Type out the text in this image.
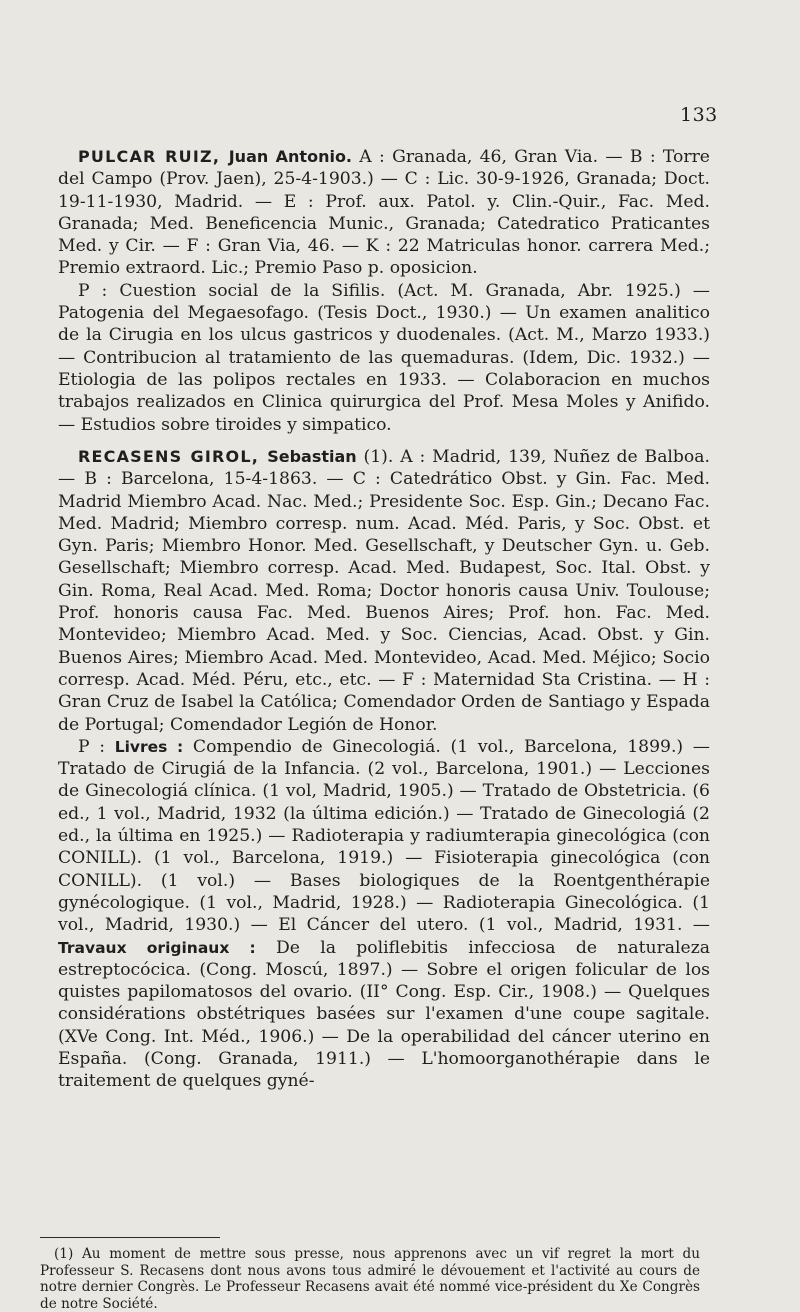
133

PULCAR RUIZ, Juan Antonio. A : Granada, 46, Gran Via. — B : Torre del Campo (Prov. Jaen), 25-4-1903.) — C : Lic. 30-9-1926, Granada; Doct. 19-11-1930, Madrid. — E : Prof. aux. Patol. y. Clin.-Quir., Fac. Med. Granada; Med. Beneficencia Munic., Granada; Catedratico Praticantes Med. y Cir. — F : Gran Via, 46. — K : 22 Matriculas honor. carrera Med.; Premio extraord. Lic.; Premio Paso p. oposicion.

P : Cuestion social de la Sifilis. (Act. M. Granada, Abr. 1925.) — Patogenia del Megaesofago. (Tesis Doct., 1930.) — Un examen analitico de la Cirugia en los ulcus gastricos y duodenales. (Act. M., Marzo 1933.) — Contribucion al tratamiento de las quemaduras. (Idem, Dic. 1932.) — Etiologia de las polipos rectales en 1933. — Colaboracion en muchos trabajos realizados en Clinica quirurgica del Prof. Mesa Moles y Anifido. — Estudios sobre tiroides y simpatico.

RECASENS GIROL, Sebastian (1). A : Madrid, 139, Nuñez de Balboa. — B : Barcelona, 15-4-1863. — C : Catedrático Obst. y Gin. Fac. Med. Madrid Miembro Acad. Nac. Med.; Presidente Soc. Esp. Gin.; Decano Fac. Med. Madrid; Miembro corresp. num. Acad. Méd. Paris, y Soc. Obst. et Gyn. Paris; Miembro Honor. Med. Gesellschaft, y Deutscher Gyn. u. Geb. Gesellschaft; Miembro corresp. Acad. Med. Budapest, Soc. Ital. Obst. y Gin. Roma, Real Acad. Med. Roma; Doctor honoris causa Univ. Toulouse; Prof. honoris causa Fac. Med. Buenos Aires; Prof. hon. Fac. Med. Montevideo; Miembro Acad. Med. y Soc. Ciencias, Acad. Obst. y Gin. Buenos Aires; Miembro Acad. Med. Montevideo, Acad. Med. Méjico; Socio corresp. Acad. Méd. Péru, etc., etc. — F : Maternidad Sta Cristina. — H : Gran Cruz de Isabel la Católica; Comendador Orden de Santiago y Espada de Portugal; Comendador Legión de Honor.

P : Livres : Compendio de Ginecologiá. (1 vol., Barcelona, 1899.) — Tratado de Cirugiá de la Infancia. (2 vol., Barcelona, 1901.) — Lecciones de Ginecologiá clínica. (1 vol, Madrid, 1905.) — Tratado de Obstetricia. (6 ed., 1 vol., Madrid, 1932 (la última edición.) — Tratado de Ginecologiá (2 ed., la última en 1925.) — Radioterapia y radiumterapia ginecológica (con CONILL). (1 vol., Barcelona, 1919.) — Fisioterapia ginecológica (con CONILL). (1 vol.) — Bases biologiques de la Roentgenthérapie gynécologique. (1 vol., Madrid, 1928.) — Radioterapia Ginecológica. (1 vol., Madrid, 1930.) — El Cáncer del utero. (1 vol., Madrid, 1931. — Travaux originaux : De la poliflebitis infecciosa de naturaleza estreptocócica. (Cong. Moscú, 1897.) — Sobre el origen folicular de los quistes papilomatosos del ovario. (II° Cong. Esp. Cir., 1908.) — Quelques considérations obstétriques basées sur l'examen d'une coupe sagitale. (XVe Cong. Int. Méd., 1906.) — De la operabilidad del cáncer uterino en España. (Cong. Granada, 1911.) — L'homoorganothérapie dans le traitement de quelques gyné-

(1) Au moment de mettre sous presse, nous apprenons avec un vif regret la mort du Professeur S. Recasens dont nous avons tous admiré le dévouement et l'activité au cours de notre dernier Congrès. Le Professeur Recasens avait été nommé vice-président du Xe Congrès de notre Société.
